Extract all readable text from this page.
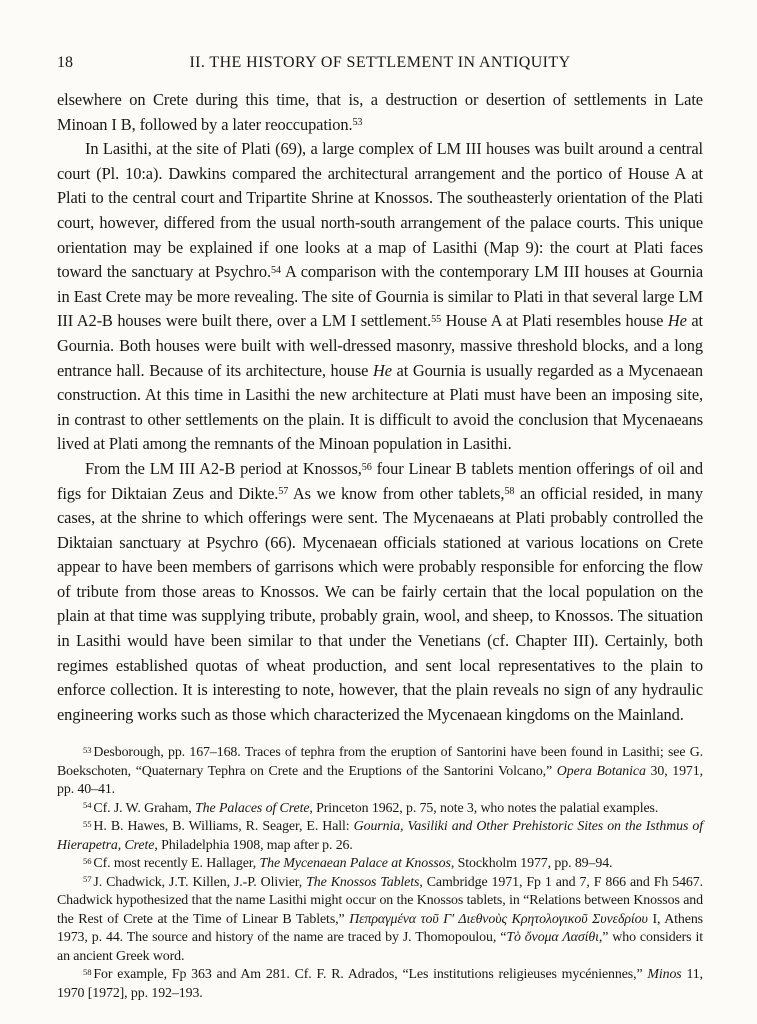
18	II. THE HISTORY OF SETTLEMENT IN ANTIQUITY

elsewhere on Crete during this time, that is, a destruction or desertion of settlements in Late Minoan I B, followed by a later reoccupation.$^{53}$

In Lasithi, at the site of Plati (69), a large complex of LM III houses was built around a central court (Pl. 10:a). Dawkins compared the architectural arrangement and the portico of House A at Plati to the central court and Tripartite Shrine at Knossos. The southeasterly orientation of the Plati court, however, differed from the usual north-south arrangement of the palace courts. This unique orientation may be explained if one looks at a map of Lasithi (Map 9): the court at Plati faces toward the sanctuary at Psychro.$^{54}$ A comparison with the contemporary LM III houses at Gournia in East Crete may be more revealing. The site of Gournia is similar to Plati in that several large LM III A2-B houses were built there, over a LM I settlement.$^{55}$ House A at Plati resembles house He at Gournia. Both houses were built with well-dressed masonry, massive threshold blocks, and a long entrance hall. Because of its architecture, house He at Gournia is usually regarded as a Mycenaean construction. At this time in Lasithi the new architecture at Plati must have been an imposing site, in contrast to other settlements on the plain. It is difficult to avoid the conclusion that Mycenaeans lived at Plati among the remnants of the Minoan population in Lasithi.

From the LM III A2-B period at Knossos,$^{56}$ four Linear B tablets mention offerings of oil and figs for Diktaian Zeus and Dikte.$^{57}$ As we know from other tablets,$^{58}$ an official resided, in many cases, at the shrine to which offerings were sent. The Mycenaeans at Plati probably controlled the Diktaian sanctuary at Psychro (66). Mycenaean officials stationed at various locations on Crete appear to have been members of garrisons which were probably responsible for enforcing the flow of tribute from those areas to Knossos. We can be fairly certain that the local population on the plain at that time was supplying tribute, probably grain, wool, and sheep, to Knossos. The situation in Lasithi would have been similar to that under the Venetians (cf. Chapter III). Certainly, both regimes established quotas of wheat production, and sent local representatives to the plain to enforce collection. It is interesting to note, however, that the plain reveals no sign of any hydraulic engineering works such as those which characterized the Mycenaean kingdoms on the Mainland.

$^{53}$ Desborough, pp. 167–168. Traces of tephra from the eruption of Santorini have been found in Lasithi; see G. Boekschoten, “Quaternary Tephra on Crete and the Eruptions of the Santorini Volcano,” Opera Botanica 30, 1971, pp. 40–41.

$^{54}$ Cf. J. W. Graham, The Palaces of Crete, Princeton 1962, p. 75, note 3, who notes the palatial examples.

$^{55}$ H. B. Hawes, B. Williams, R. Seager, E. Hall: Gournia, Vasiliki and Other Prehistoric Sites on the Isthmus of Hierapetra, Crete, Philadelphia 1908, map after p. 26.

$^{56}$ Cf. most recently E. Hallager, The Mycenaean Palace at Knossos, Stockholm 1977, pp. 89–94.

$^{57}$ J. Chadwick, J.T. Killen, J.-P. Olivier, The Knossos Tablets, Cambridge 1971, Fp 1 and 7, F 866 and Fh 5467. Chadwick hypothesized that the name Lasithi might occur on the Knossos tablets, in “Relations between Knossos and the Rest of Crete at the Time of Linear B Tablets,” Πεπραγμένα τοῦ Γ′ Διεθνοὺς Κρητολογικοῦ Συνεδρίου I, Athens 1973, p. 44. The source and history of the name are traced by J. Thomopoulou, “Τὸ ὄνομα Λασίθι,” who considers it an ancient Greek word.

$^{58}$ For example, Fp 363 and Am 281. Cf. F. R. Adrados, “Les institutions religieuses mycéniennes,” Minos 11, 1970 [1972], pp. 192–193.
